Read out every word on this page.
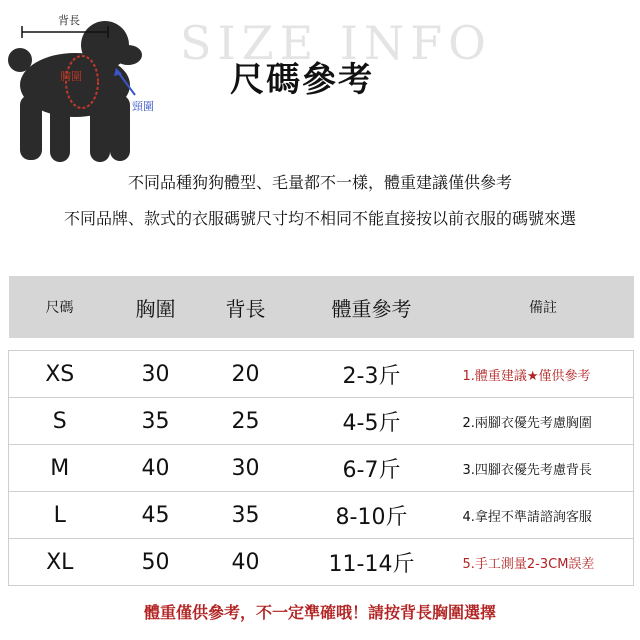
背長
胸圍
頸圍
SIZE INFO
尺碼參考
不同品種狗狗體型、毛量都不一樣，體重建議僅供參考
不同品牌、款式的衣服碼號尺寸均不相同不能直接按以前衣服的碼號來選
尺碼	胸圍	背長	體重參考	備註

XS	30	20	2-3斤	1.體重建議★僅供參考
S	35	25	4-5斤	2.兩腳衣優先考慮胸圍
M	40	30	6-7斤	3.四腳衣優先考慮背長
L	45	35	8-10斤	4.拿捏不準請諮詢客服
XL	50	40	11-14斤	5.手工測量2-3CM誤差
體重僅供參考，不一定準確哦！請按背長胸圍選擇
